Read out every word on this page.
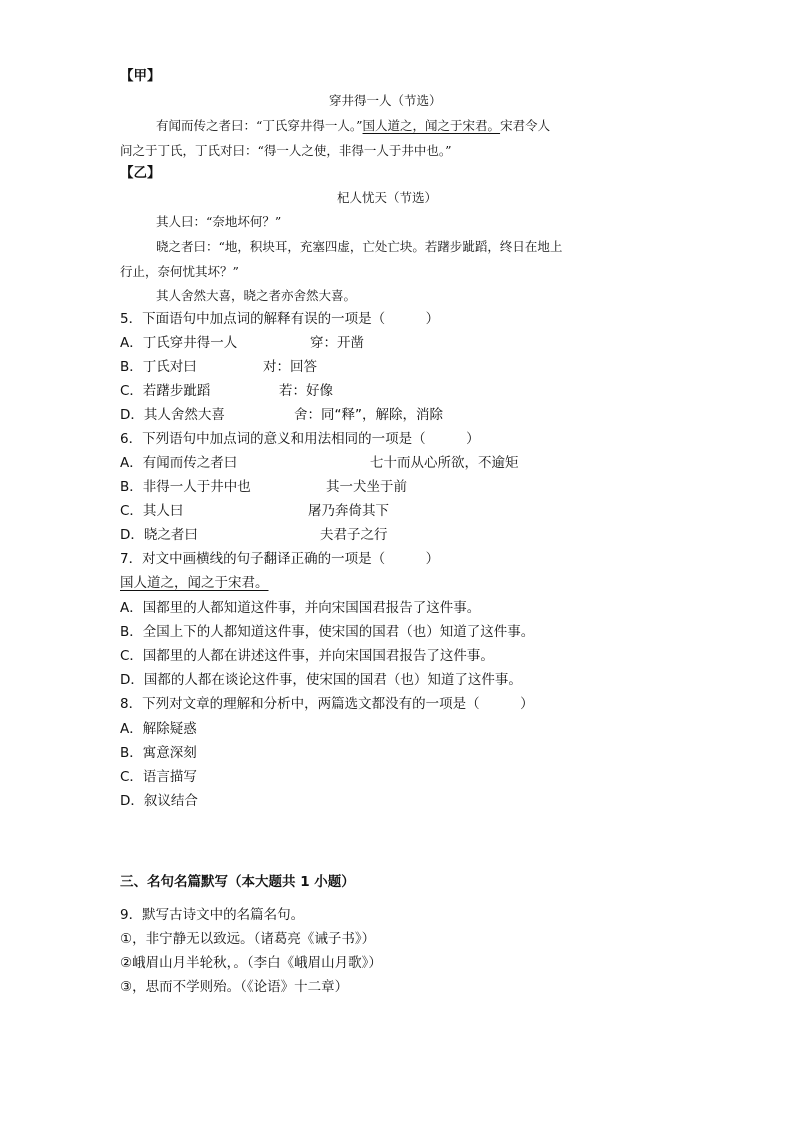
【甲】
穿井得一人（节选）
有闻而传之者曰：“丁氏穿井得一人。”国人道之，闻之于宋君。宋君令人
问之于丁氏，丁氏对曰：“得一人之使，非得一人于井中也。”
【乙】
杞人忧天（节选）
其人曰：“奈地坏何？”
晓之者曰：“地，积块耳，充塞四虚，亡处亡块。若躇步跐蹈，终日在地上
行止，奈何忧其坏？”
其人舍然大喜，晓之者亦舍然大喜。
5．下面语句中加点词的解释有误的一项是（　　　）
A．丁氏穿井得一人	穿：开凿
B．丁氏对曰	对：回答
C．若躇步跐蹈	若：好像
D．其人舍然大喜	舍：同“释”，解除，消除
6．下列语句中加点词的意义和用法相同的一项是（　　　）
A．有闻而传之者曰	七十而从心所欲，不逾矩
B．非得一人于井中也	其一犬坐于前
C．其人曰	屠乃奔倚其下
D．晓之者曰	夫君子之行
7．对文中画横线的句子翻译正确的一项是（　　　）
国人道之，闻之于宋君。
A．国都里的人都知道这件事，并向宋国国君报告了这件事。
B．全国上下的人都知道这件事，使宋国的国君（也）知道了这件事。
C．国都里的人都在讲述这件事，并向宋国国君报告了这件事。
D．国都的人都在谈论这件事，使宋国的国君（也）知道了这件事。
8．下列对文章的理解和分析中，两篇选文都没有的一项是（　　　）
A．解除疑惑
B．寓意深刻
C．语言描写
D．叙议结合
三、名句名篇默写（本大题共 1 小题）
9．默写古诗文中的名篇名句。
①，非宁静无以致远。（诸葛亮《诫子书》）
②峨眉山月半轮秋，。（李白《峨眉山月歌》）
③，思而不学则殆。（《论语》十二章）
